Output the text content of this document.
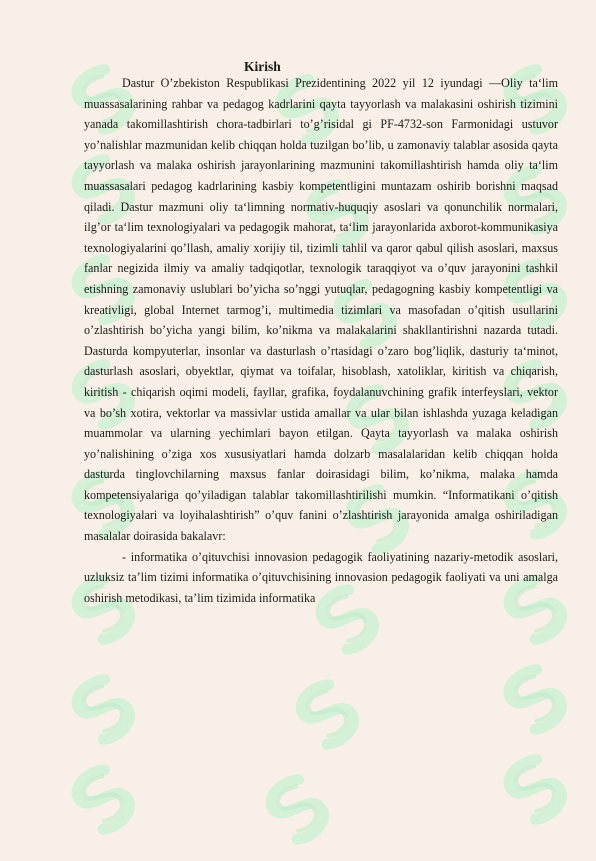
Kirish

Dastur O’zbekiston Respublikasi Prezidentining 2022 yil 12 iyundagi ―Oliy ta‘lim muassasalarining rahbar va pedagog kadrlarini qayta tayyorlash va malakasini oshirish tizimini yanada takomillashtirish chora-tadbirlari to’g’risidal gi PF-4732-son Farmonidagi ustuvor yo’nalishlar mazmunidan kelib chiqqan holda tuzilgan bo’lib, u zamonaviy talablar asosida qayta tayyorlash va malaka oshirish jarayonlarining mazmunini takomillashtirish hamda oliy ta‘lim muassasalari pedagog kadrlarining kasbiy kompetentligini muntazam oshirib borishni maqsad qiladi. Dastur mazmuni oliy ta‘limning normativ-huquqiy asoslari va qonunchilik normalari, ilg’or ta‘lim texnologiyalari va pedagogik mahorat, ta‘lim jarayonlarida axborot-kommunikasiya texnologiyalarini qo’llash, amaliy xorijiy til, tizimli tahlil va qaror qabul qilish asoslari, maxsus fanlar negizida ilmiy va amaliy tadqiqotlar, texnologik taraqqiyot va o’quv jarayonini tashkil etishning zamonaviy uslublari bo’yicha so’nggi yutuqlar, pedagogning kasbiy kompetentligi va kreativligi, global Internet tarmog’i, multimedia tizimlari va masofadan o’qitish usullarini o’zlashtirish bo’yicha yangi bilim, ko’nikma va malakalarini shakllantirishni nazarda tutadi. Dasturda kompyuterlar, insonlar va dasturlash o’rtasidagi o’zaro bog’liqlik, dasturiy ta‘minot, dasturlash asoslari, obyektlar, qiymat va toifalar, hisoblash, xatoliklar, kiritish va chiqarish, kiritish - chiqarish oqimi modeli, fayllar, grafika, foydalanuvchining grafik interfeyslari, vektor va bo’sh xotira, vektorlar va massivlar ustida amallar va ular bilan ishlashda yuzaga keladigan muammolar va ularning yechimlari bayon etilgan. Qayta tayyorlash va malaka oshirish yo’nalishining o’ziga xos xususiyatlari hamda dolzarb masalalaridan kelib chiqqan holda dasturda tinglovchilarning maxsus fanlar doirasidagi bilim, ko’nikma, malaka hamda kompetensiyalariga qo’yiladigan talablar takomillashtirilishi mumkin. “Informatikani o’qitish texnologiyalari va loyihalashtirish” o’quv fanini o’zlashtirish jarayonida amalga oshiriladigan masalalar doirasida bakalavr:

- informatika o’qituvchisi innovasion pedagogik faoliyatining nazariy-metodik asoslari, uzluksiz ta’lim tizimi informatika o’qituvchisining innovasion pedagogik faoliyati va uni amalga oshirish metodikasi, ta’lim tizimida informatika
